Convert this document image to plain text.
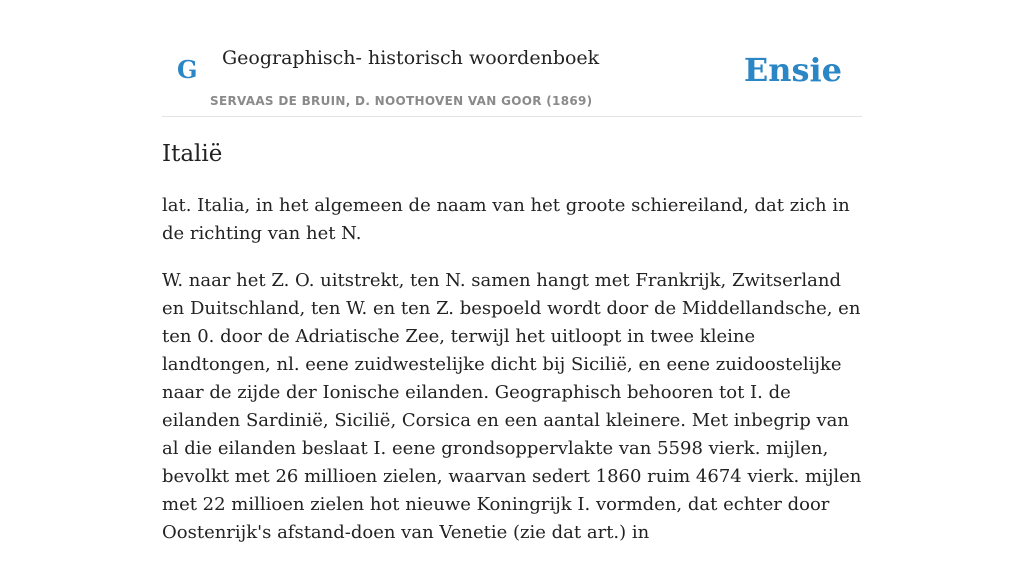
G Geographisch- historisch woordenboek
SERVAAS DE BRUIN, D. NOOTHOVEN VAN GOOR (1869)
Ensie
Italië

lat. Italia, in het algemeen de naam van het groote schiereiland, dat zich in de richting van het N.

W. naar het Z. O. uitstrekt, ten N. samen hangt met Frankrijk, Zwitserland en Duitschland, ten W. en ten Z. bespoeld wordt door de Middellandsche, en ten 0. door de Adriatische Zee, terwijl het uitloopt in twee kleine landtongen, nl. eene zuidwestelijke dicht bij Sicilië, en eene zuidoostelijke naar de zijde der Ionische eilanden. Geographisch behooren tot I. de eilanden Sardinië, Sicilië, Corsica en een aantal kleinere. Met inbegrip van al die eilanden beslaat I. eene grondsoppervlakte van 5598 vierk. mijlen, bevolkt met 26 millioen zielen, waarvan sedert 1860 ruim 4674 vierk. mijlen met 22 millioen zielen hot nieuwe Koningrijk I. vormden, dat echter door Oostenrijk's afstand-doen van Venetie (zie dat art.) in
